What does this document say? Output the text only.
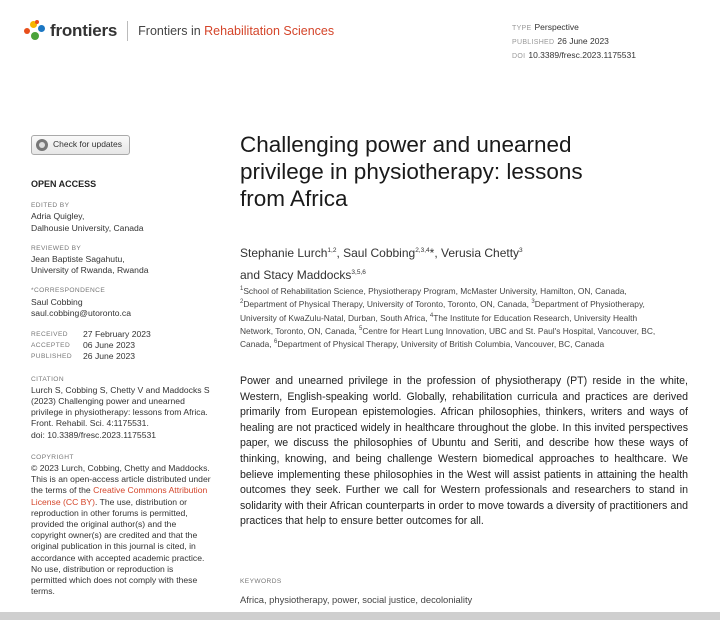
frontiers Frontiers in Rehabilitation Sciences	TYPE Perspective
PUBLISHED 26 June 2023
DOI 10.3389/fresc.2023.1175531
Check for updates
OPEN ACCESS
EDITED BY
Adria Quigley,
Dalhousie University, Canada
REVIEWED BY
Jean Baptiste Sagahutu,
University of Rwanda, Rwanda
*CORRESPONDENCE
Saul Cobbing
saul.cobbing@utoronto.ca
RECEIVED	27 February 2023
ACCEPTED	06 June 2023
PUBLISHED	26 June 2023
CITATION
Lurch S, Cobbing S, Chetty V and Maddocks S
(2023) Challenging power and unearned
privilege in physiotherapy: lessons from Africa.
Front. Rehabil. Sci. 4:1175531.
doi: 10.3389/fresc.2023.1175531
COPYRIGHT
© 2023 Lurch, Cobbing, Chetty and Maddocks.
This is an open-access article distributed under
the terms of the Creative Commons Attribution
License (CC BY). The use, distribution or
reproduction in other forums is permitted,
provided the original author(s) and the
copyright owner(s) are credited and that the
original publication in this journal is cited, in
accordance with accepted academic practice.
No use, distribution or reproduction is
permitted which does not comply with these
terms.
Challenging power and unearned
privilege in physiotherapy: lessons
from Africa
Stephanie Lurch$^{1,2}$, Saul Cobbing$^{2,3,4}$*, Verusia Chetty$^3$
and Stacy Maddocks$^{3,5,6}$
$^1$School of Rehabilitation Science, Physiotherapy Program, McMaster University, Hamilton, ON, Canada, $^2$Department of Physical Therapy, University of Toronto, Toronto, ON, Canada, $^3$Department of Physiotherapy, University of KwaZulu-Natal, Durban, South Africa, $^4$The Institute for Education Research, University Health Network, Toronto, ON, Canada, $^5$Centre for Heart Lung Innovation, UBC and St. Paul's Hospital, Vancouver, BC, Canada, $^6$Department of Physical Therapy, University of British Columbia, Vancouver, BC, Canada
Power and unearned privilege in the profession of physiotherapy (PT) reside in the white, Western, English-speaking world. Globally, rehabilitation curricula and practices are derived primarily from European epistemologies. African philosophies, thinkers, writers and ways of healing are not practiced widely in healthcare throughout the globe. In this invited perspectives paper, we discuss the philosophies of Ubuntu and Seriti, and describe how these ways of thinking, knowing, and being challenge Western biomedical approaches to healthcare. We believe implementing these philosophies in the West will assist patients in attaining the health outcomes they seek. Further we call for Western professionals and researchers to stand in solidarity with their African counterparts in order to move towards a diversity of practitioners and practices that help to ensure better outcomes for all.
KEYWORDS
Africa, physiotherapy, power, social justice, decoloniality
